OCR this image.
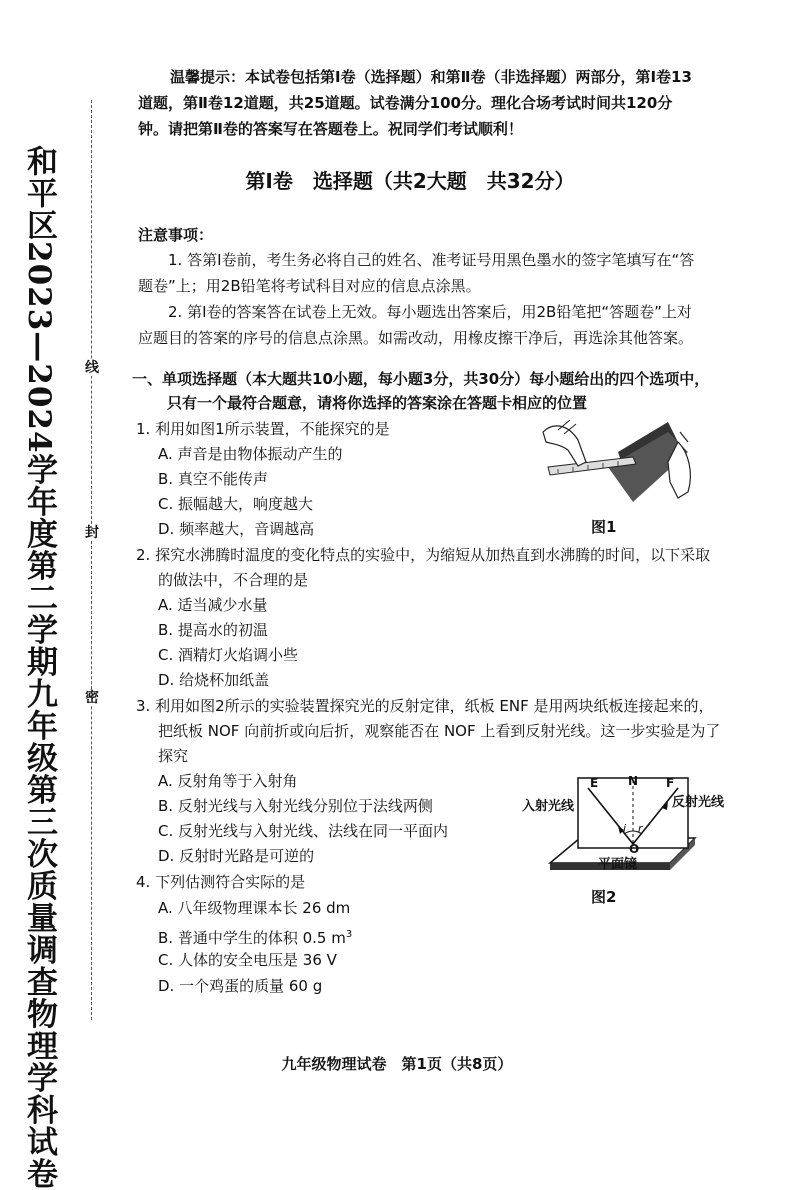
和平区2023—2024学年度第二学期九年级第三次质量调查物理学科试卷	线
封
密
温馨提示：本试卷包括第Ⅰ卷（选择题）和第Ⅱ卷（非选择题）两部分，第Ⅰ卷13道题，第Ⅱ卷12道题，共25道题。试卷满分100分。理化合场考试时间共120分钟。请把第Ⅱ卷的答案写在答题卷上。祝同学们考试顺利！
第Ⅰ卷　选择题（共2大题　共32分）
注意事项：
1. 答第Ⅰ卷前，考生务必将自己的姓名、准考证号用黑色墨水的签字笔填写在“答题卷”上；用2B铅笔将考试科目对应的信息点涂黑。
2. 第Ⅰ卷的答案答在试卷上无效。每小题选出答案后，用2B铅笔把“答题卷”上对应题目的答案的序号的信息点涂黑。如需改动，用橡皮擦干净后，再选涂其他答案。
一、单项选择题（本大题共10小题，每小题3分，共30分）每小题给出的四个选项中，
只有一个最符合题意，请将你选择的答案涂在答题卡相应的位置
1. 利用如图1所示装置，不能探究的是
A. 声音是由物体振动产生的
B. 真空不能传声
C. 振幅越大，响度越大
D. 频率越大，音调越高	图1
2. 探究水沸腾时温度的变化特点的实验中，为缩短从加热直到水沸腾的时间，以下采取
的做法中，不合理的是
A. 适当减少水量
B. 提高水的初温
C. 酒精灯火焰调小些
D. 给烧杯加纸盖
3. 利用如图2所示的实验装置探究光的反射定律，纸板 ENF 是用两块纸板连接起来的，
把纸板 NOF 向前折或向后折，观察能否在 NOF 上看到反射光线。这一步实验是为了
探究
A. 反射角等于入射角
B. 反射光线与入射光线分别位于法线两侧
C. 反射光线与入射光线、法线在同一平面内
D. 反射时光路是可逆的
E N F
i r
O
入射光线	反射光线
平面镜
图2
4. 下列估测符合实际的是
A. 八年级物理课本长 26 dm
B. 普通中学生的体积 0.5 $m^3$
C. 人体的安全电压是 36 V
D. 一个鸡蛋的质量 60 g
九年级物理试卷　第1页（共8页）
